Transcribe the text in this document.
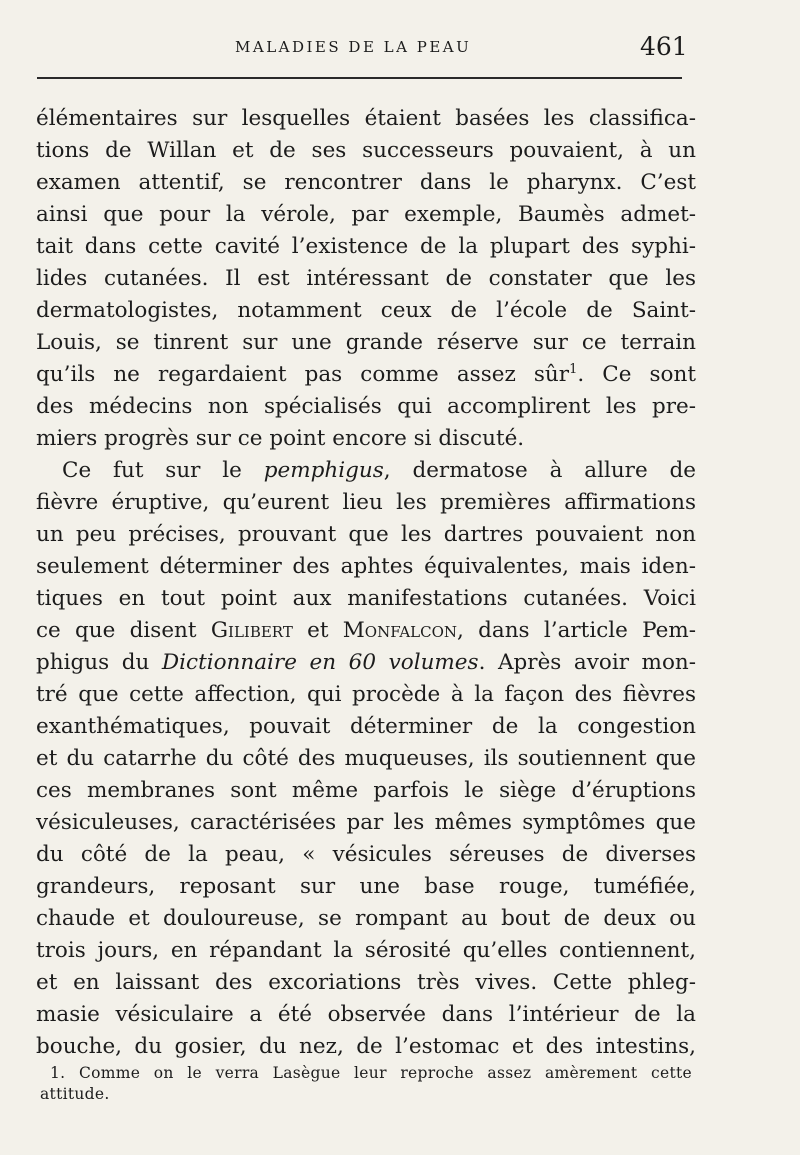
MALADIES DE LA PEAU	461
élémentaires sur lesquelles étaient basées les classifica-
tions de Willan et de ses successeurs pouvaient, à un
examen attentif, se rencontrer dans le pharynx. C’est
ainsi que pour la vérole, par exemple, Baumès admet-
tait dans cette cavité l’existence de la plupart des syphi-
lides cutanées. Il est intéressant de constater que les
dermatologistes, notamment ceux de l’école de Saint-
Louis, se tinrent sur une grande réserve sur ce terrain
qu’ils ne regardaient pas comme assez sûr$^1$. Ce sont
des médecins non spécialisés qui accomplirent les pre-
miers progrès sur ce point encore si discuté.
Ce fut sur le pemphigus, dermatose à allure de
fièvre éruptive, qu’eurent lieu les premières affirmations
un peu précises, prouvant que les dartres pouvaient non
seulement déterminer des aphtes équivalentes, mais iden-
tiques en tout point aux manifestations cutanées. Voici
ce que disent Gilibert et Monfalcon, dans l’article Pem-
phigus du Dictionnaire en 60 volumes. Après avoir mon-
tré que cette affection, qui procède à la façon des fièvres
exanthématiques, pouvait déterminer de la congestion
et du catarrhe du côté des muqueuses, ils soutiennent que
ces membranes sont même parfois le siège d’éruptions
vésiculeuses, caractérisées par les mêmes symptômes que
du côté de la peau, « vésicules séreuses de diverses
grandeurs, reposant sur une base rouge, tuméfiée,
chaude et douloureuse, se rompant au bout de deux ou
trois jours, en répandant la sérosité qu’elles contiennent,
et en laissant des excoriations très vives. Cette phleg-
masie vésiculaire a été observée dans l’intérieur de la
bouche, du gosier, du nez, de l’estomac et des intestins,
1. Comme on le verra Lasègue leur reproche assez amèrement cette
attitude.
